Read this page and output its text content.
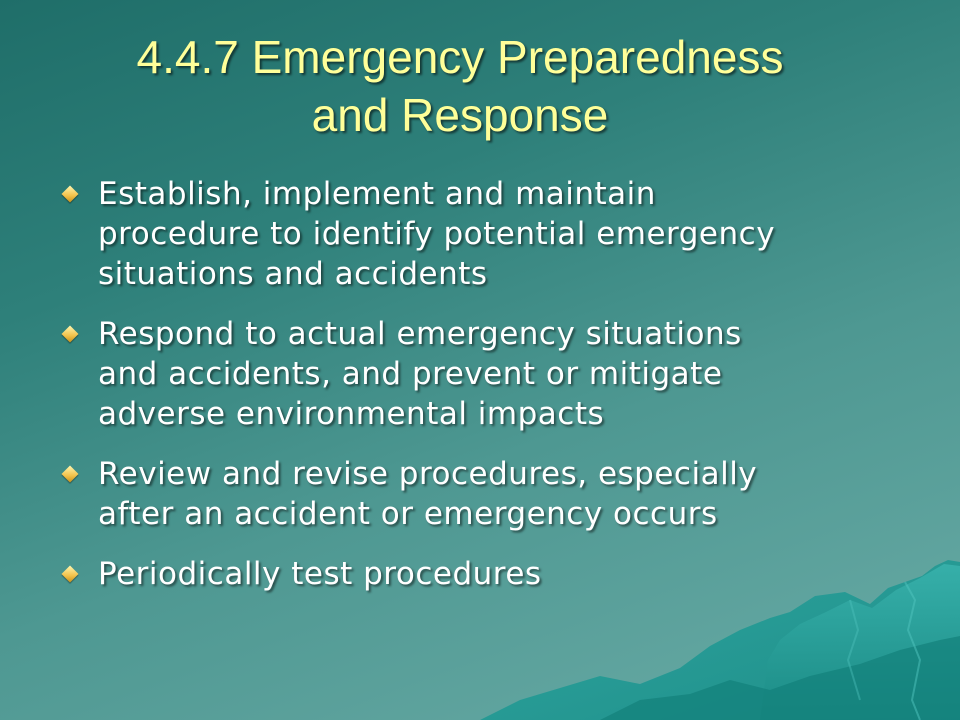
4.4.7 Emergency Preparedness
and Response
Establish, implement and maintain
procedure to identify potential emergency
situations and accidents
Respond to actual emergency situations
and accidents, and prevent or mitigate
adverse environmental impacts
Review and revise procedures, especially
after an accident or emergency occurs
Periodically test procedures
